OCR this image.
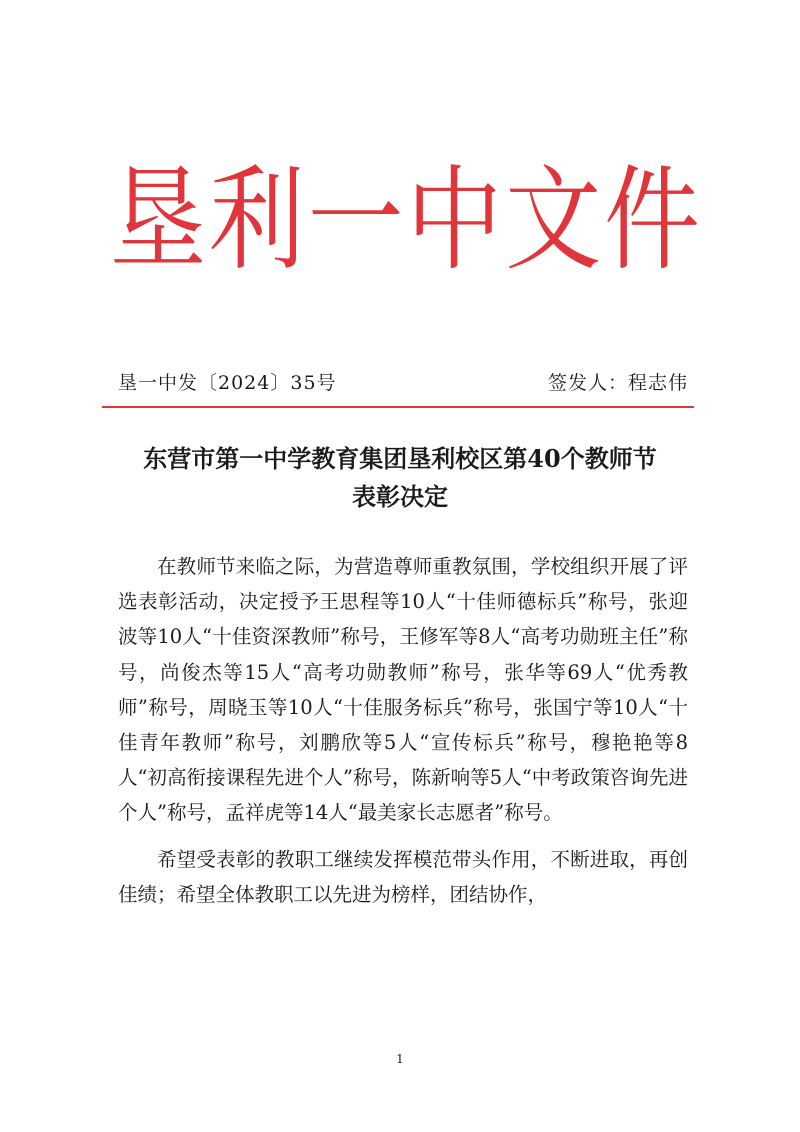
垦 利 一 中 文 件
垦一中发〔2024〕35号	签发人： 程志伟
东营市第一中学教育集团垦利校区第40个教师节
表彰决定

在教师节来临之际，为营造尊师重教氛围，学校组织开展了评选表彰活动，决定授予王思程等10人“十佳师德标兵”称号，张迎波等10人“十佳资深教师”称号，王修军等8人“高考功勋班主任”称号，尚俊杰等15人“高考功勋教师”称号，张华等69人“优秀教师”称号，周晓玉等10人“十佳服务标兵”称号，张国宁等10人“十佳青年教师”称号，刘鹏欣等5人“宣传标兵”称号，穆艳艳等8人“初高衔接课程先进个人”称号，陈新响等5人“中考政策咨询先进个人”称号，孟祥虎等14人“最美家长志愿者”称号。

希望受表彰的教职工继续发挥模范带头作用，不断进取，再创佳绩；希望全体教职工以先进为榜样，团结协作，

1
